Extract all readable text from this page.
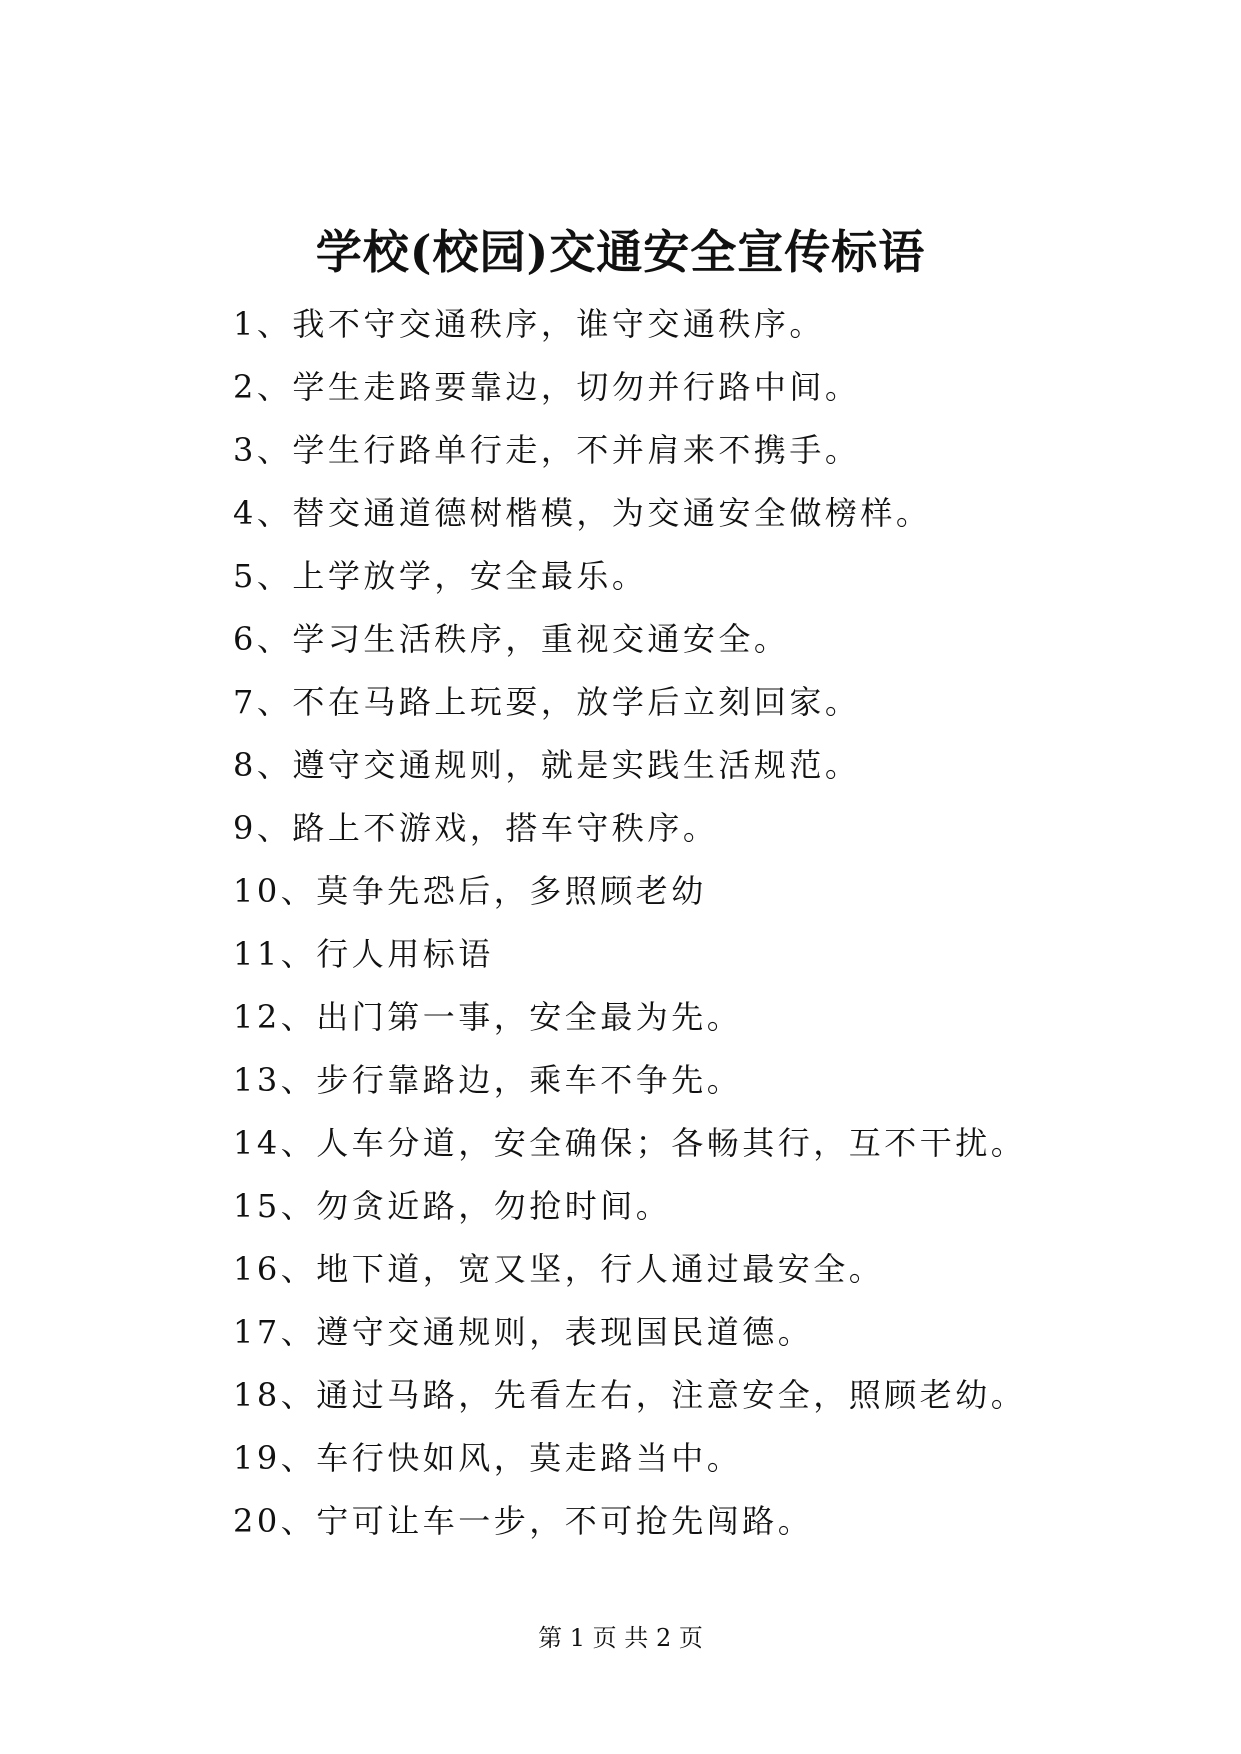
学校(校园)交通安全宣传标语
1、我不守交通秩序，谁守交通秩序。
2、学生走路要靠边，切勿并行路中间。
3、学生行路单行走，不并肩来不携手。
4、替交通道德树楷模，为交通安全做榜样。
5、上学放学，安全最乐。
6、学习生活秩序，重视交通安全。
7、不在马路上玩耍，放学后立刻回家。
8、遵守交通规则，就是实践生活规范。
9、路上不游戏，搭车守秩序。
10、莫争先恐后，多照顾老幼
11、行人用标语
12、出门第一事，安全最为先。
13、步行靠路边，乘车不争先。
14、人车分道，安全确保；各畅其行，互不干扰。
15、勿贪近路，勿抢时间。
16、地下道，宽又坚，行人通过最安全。
17、遵守交通规则，表现国民道德。
18、通过马路，先看左右，注意安全，照顾老幼。
19、车行快如风，莫走路当中。
20、宁可让车一步，不可抢先闯路。
第 1 页 共 2 页
